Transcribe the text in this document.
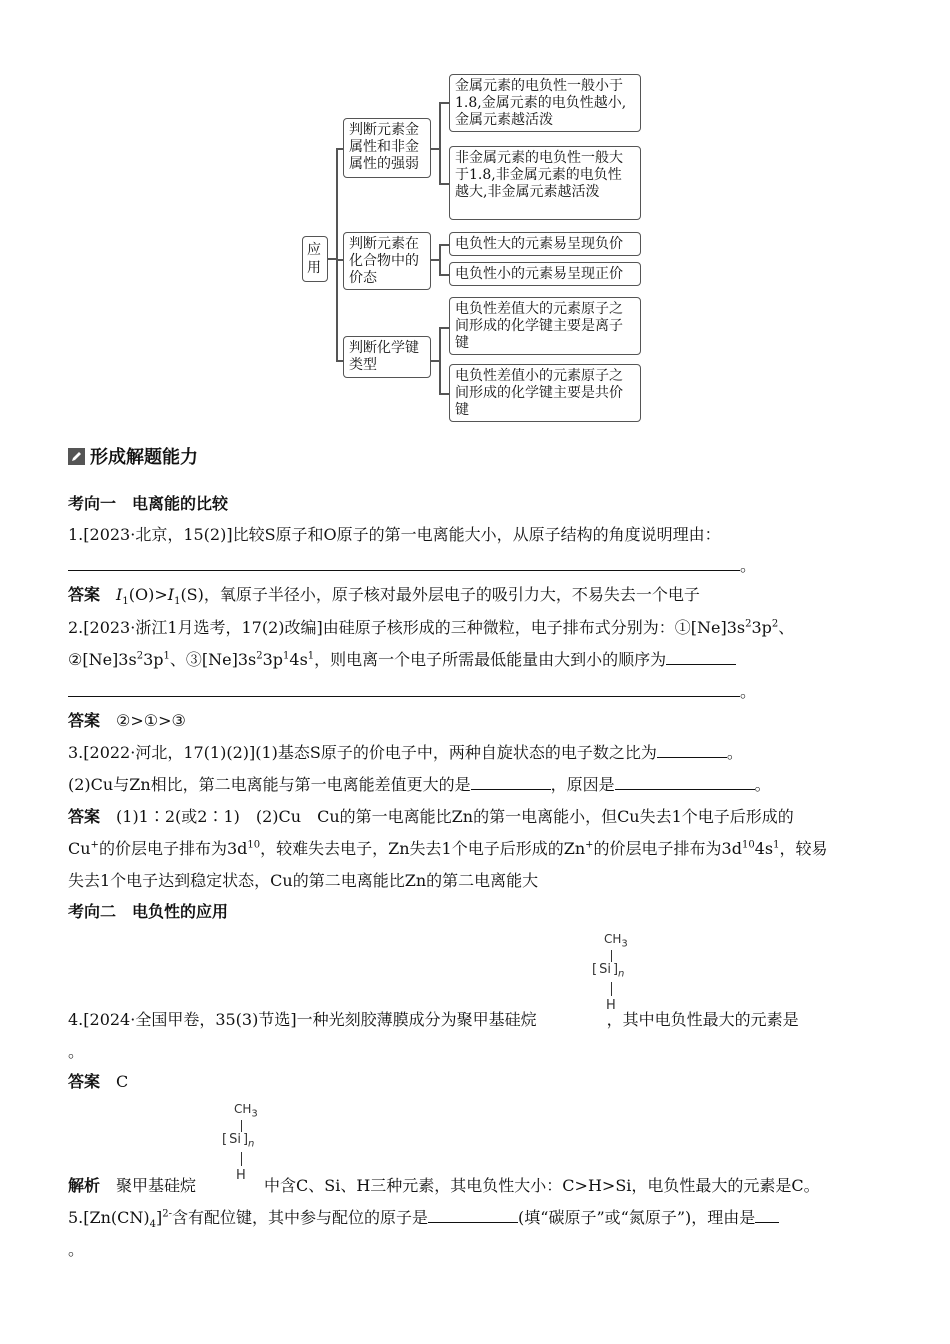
应用
判断元素金属性和非金属性的强弱
判断元素在化合物中的价态
判断化学键类型
金属元素的电负性一般小于1.8,金属元素的电负性越小,金属元素越活泼
非金属元素的电负性一般大于1.8,非金属元素的电负性越大,非金属元素越活泼
电负性大的元素易呈现负价
电负性小的元素易呈现正价
电负性差值大的元素原子之间形成的化学键主要是离子键
电负性差值小的元素原子之间形成的化学键主要是共价键
形成解题能力
考向一　电离能的比较
1.[2023·北京，15(2)]比较S原子和O原子的第一电离能大小，从原子结构的角度说明理由：
。
答案 $I_1(O)>I_1(S)$，氧原子半径小，原子核对最外层电子的吸引力大，不易失去一个电子
2.[2023·浙江1月选考，17(2)改编]由硅原子核形成的三种微粒，电子排布式分别为：$①[Ne]3s^23p^2$、
$②[Ne]3s^23p^1$、$③[Ne]3s^23p^14s^1$，则电离一个电子所需最低能量由大到小的顺序为
。
答案 ②>①>③
3.[2022·河北，17(1)(2)](1)基态S原子的价电子中，两种自旋状态的电子数之比为	。
(2)Cu与Zn相比，第二电离能与第一电离能差值更大的是	，原因是	。
答案 (1)1∶2(或2∶1)　(2)Cu　Cu的第一电离能比Zn的第一电离能小，但Cu失去1个电子后形成的
Cu+的价层电子排布为$3d^{10}$，较难失去电子，Zn失去1个电子后形成的Zn+的价层电子排布为$3d^{10}4s^1$，较易
失去1个电子达到稳定状态，Cu的第二电离能比Zn的第二电离能大
考向二　电负性的应用
$CH_3$
[ Si ]$_n$
H
4.[2024·全国甲卷，35(3)节选]一种光刻胶薄膜成分为聚甲基硅烷	，其中电负性最大的元素是
。
答案 C
$CH_3$
[ Si ]$_n$
H
解析 聚甲基硅烷	中含C、Si、H三种元素，其电负性大小：C>H>Si，电负性最大的元素是C。
$5.[Zn(CN)_4]^{2-}$含有配位键，其中参与配位的原子是	(填“碳原子”或“氮原子”)，理由是
。
